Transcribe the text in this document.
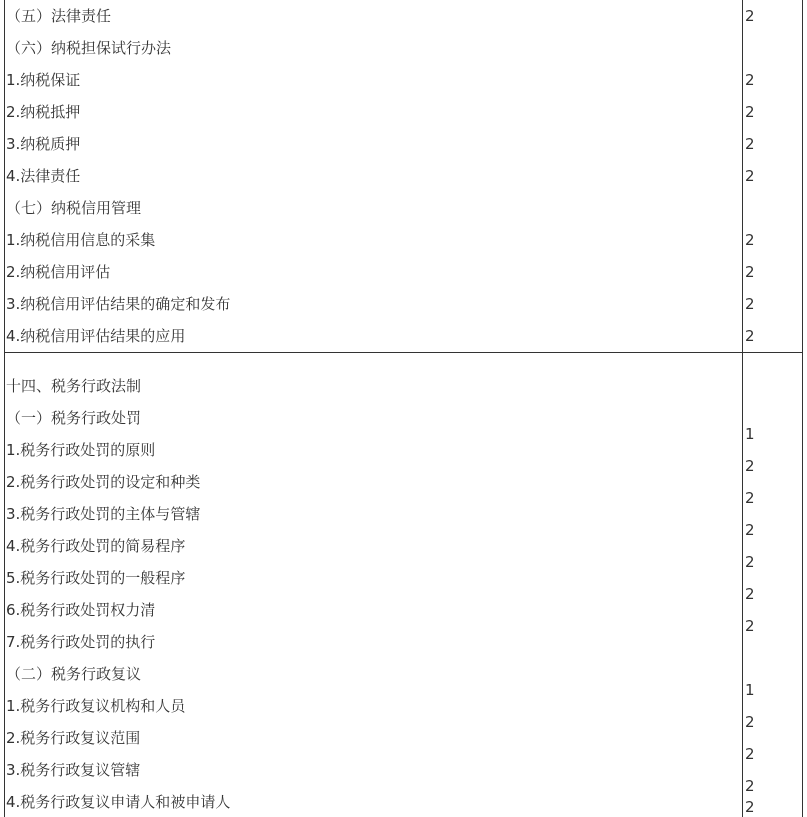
（五）法律责任
（六）纳税担保试行办法
1.纳税保证
2.纳税抵押
3.纳税质押
4.法律责任
（七）纳税信用管理
1.纳税信用信息的采集
2.纳税信用评估
3.纳税信用评估结果的确定和发布
4.纳税信用评估结果的应用
2
2
2
2
2
2
2
2
2
十四、税务行政法制
（一）税务行政处罚
1.税务行政处罚的原则
2.税务行政处罚的设定和种类
3.税务行政处罚的主体与管辖
4.税务行政处罚的简易程序
5.税务行政处罚的一般程序
6.税务行政处罚权力清
7.税务行政处罚的执行
（二）税务行政复议
1.税务行政复议机构和人员
2.税务行政复议范围
3.税务行政复议管辖
4.税务行政复议申请人和被申请人
1
2
2
2
2
2
2
1
2
2
2
2
